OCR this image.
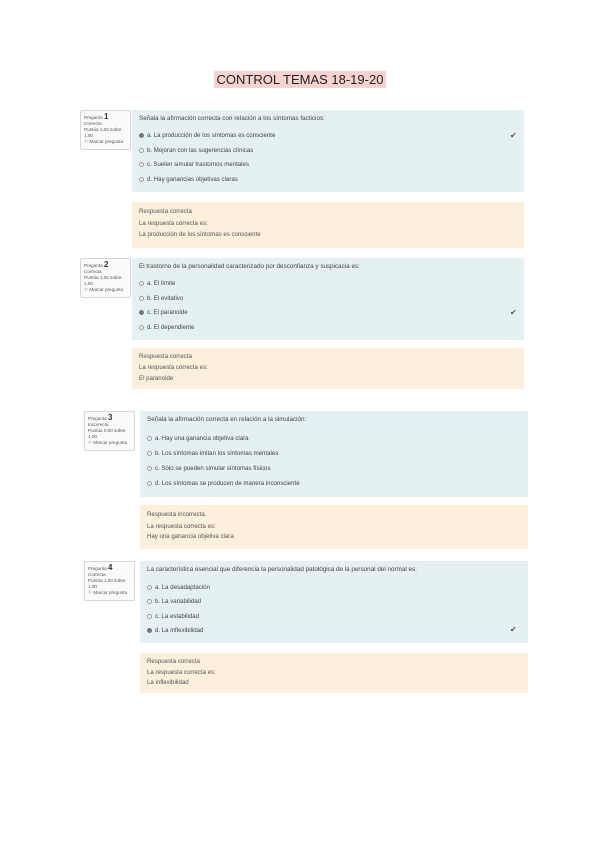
CONTROL TEMAS 18-19-20
Pregunta 1
Correcta
Puntúa 1,00 sobre 1,00
⚐ Marcar pregunta
Señala la afirmación correcta con relación a los síntomas facticios:
a. La producción de los síntomas es consciente
b. Mejoran con las sugerencias clínicas
c. Suelen simular trastornos mentales
d. Hay ganancias objetivas claras
✔
Respuesta correcta
La respuesta correcta es:
La producción de los síntomas es consciente
Pregunta 2
Correcta
Puntúa 1,00 sobre 1,00
⚐ Marcar pregunta
El trastorno de la personalidad caracterizado por desconfianza y suspicacia es:
a. El límite
b. El evitativo
c. El paranoide
d. El dependiente
✔
Respuesta correcta
La respuesta correcta es:
El paranoide
Pregunta 3
Incorrecta
Puntúa 0,00 sobre 1,00
⚐ Marcar pregunta
Señala la afirmación correcta en relación a la simulación:
a. Hay una ganancia objetiva clara
b. Los síntomas imitan los síntomas mentales
c. Sólo se pueden simular síntomas físicos
d. Los síntomas se producen de manera inconsciente
Respuesta incorrecta.
La respuesta correcta es:
Hay una ganancia objetiva clara
Pregunta 4
Correcta
Puntúa 1,00 sobre 1,00
⚐ Marcar pregunta
La característica esencial que diferencia la personalidad patológica de la personal del normal es:
a. La desadaptación
b. La variabilidad
c. La estabilidad
d. La inflexibilidad	✔
Respuesta correcta
La respuesta correcta es:
La inflexibilidad
